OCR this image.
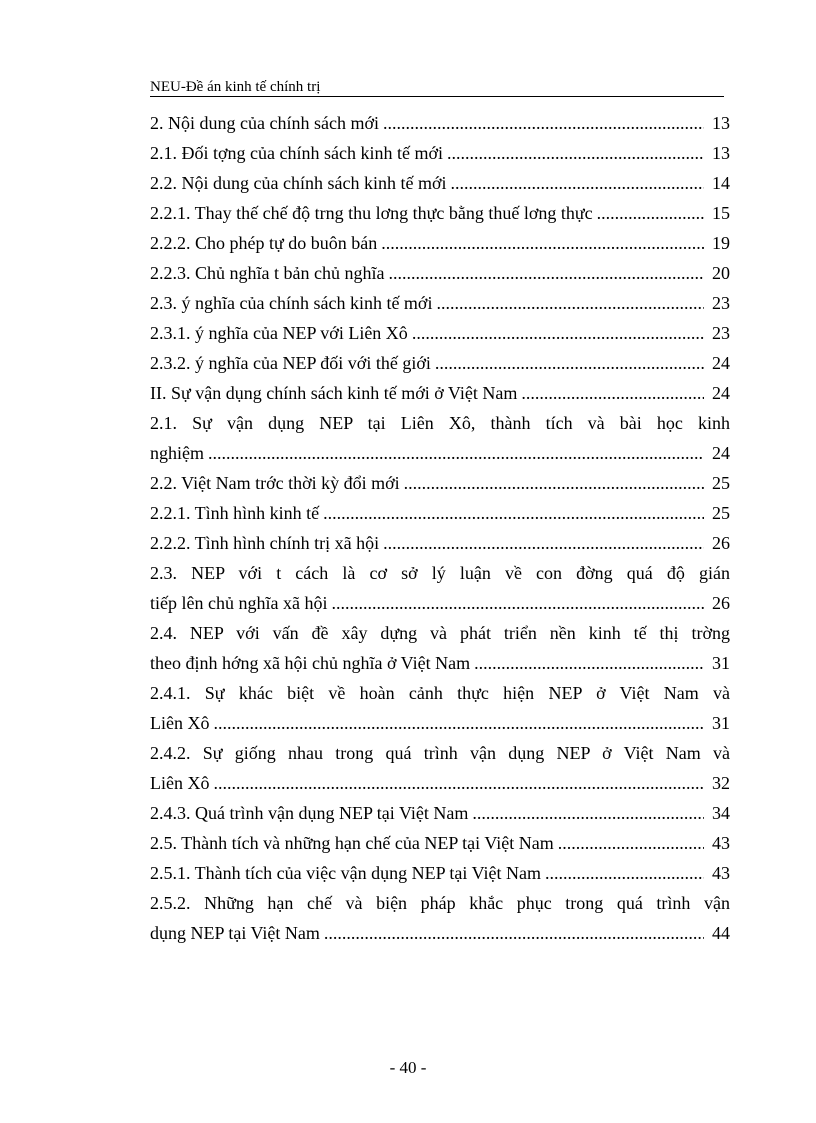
NEU-Đề án kinh tế chính trị
2. Nội dung của chính sách mới .....	13
2.1. Đối tợng của chính sách kinh tế mới .....	13
2.2. Nội dung của chính sách kinh tế mới .....	14
2.2.1. Thay thế chế độ trng thu lơng thực bằng thuế lơng thực .....	15
2.2.2. Cho phép tự do buôn bán .....	19
2.2.3. Chủ nghĩa t bản chủ nghĩa .....	20
2.3. ý nghĩa của chính sách kinh tế mới .....	23
2.3.1. ý nghĩa của NEP với Liên Xô .....	23
2.3.2. ý nghĩa của NEP đối với thế giới .....	24
II. Sự vận dụng chính sách kinh tế mới ở Việt Nam .....	24
2.1. Sự vận dụng NEP tại Liên Xô, thành tích và bài học kinh
nghiệm .....	24
2.2. Việt Nam trớc thời kỳ đổi mới .....	25
2.2.1. Tình hình kinh tế .....	25
2.2.2. Tình hình chính trị xã hội .....	26
2.3. NEP với t cách là cơ sở lý luận về con đờng quá độ gián
tiếp lên chủ nghĩa xã hội .....	26
2.4. NEP với vấn đề xây dựng và phát triển nền kinh tế thị trờng
theo định hớng xã hội chủ nghĩa ở Việt Nam .....	31
2.4.1. Sự khác biệt về hoàn cảnh thực hiện NEP ở Việt Nam và
Liên Xô .....	31
2.4.2. Sự giống nhau trong quá trình vận dụng NEP ở Việt Nam và
Liên Xô .....	32
2.4.3. Quá trình vận dụng NEP tại Việt Nam .....	34
2.5. Thành tích và những hạn chế của NEP tại Việt Nam .....	43
2.5.1. Thành tích của việc vận dụng NEP tại Việt Nam .....	43
2.5.2. Những hạn chế và biện pháp khắc phục trong quá trình vận
dụng NEP tại Việt Nam .....	44
- 40 -
